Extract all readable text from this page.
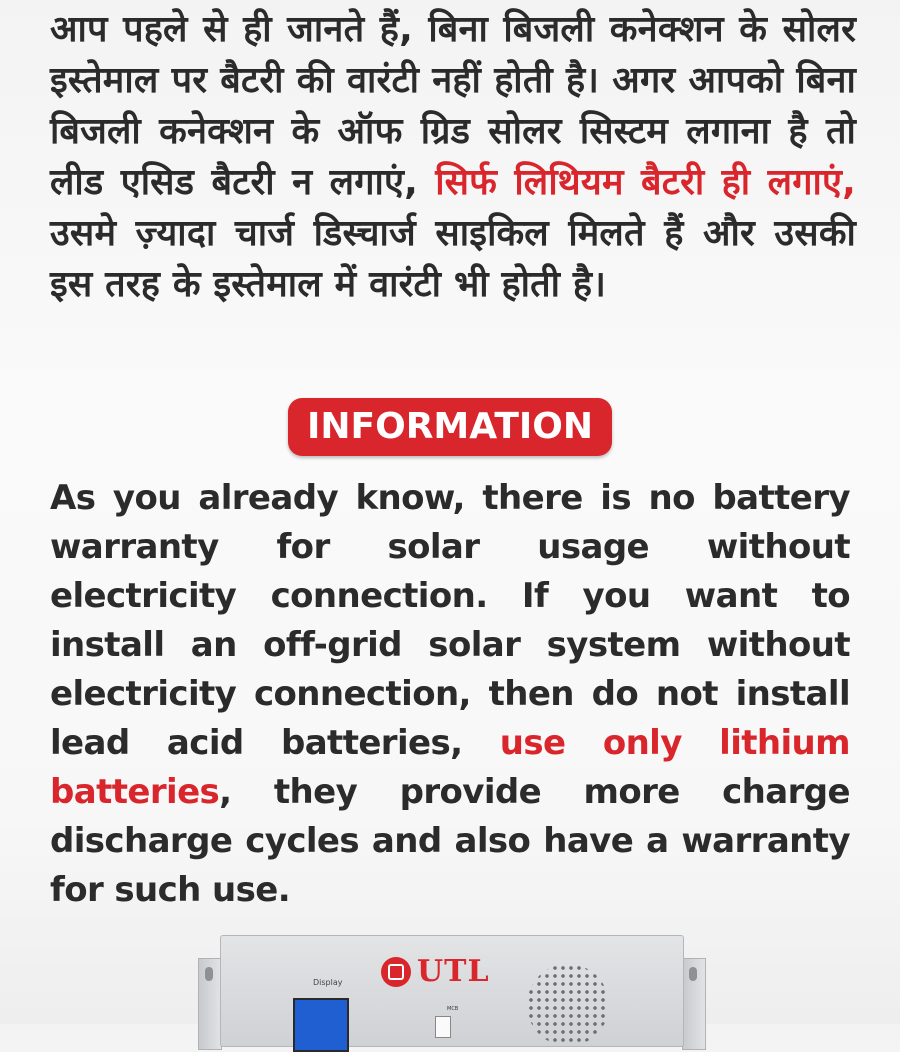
आप पहले से ही जानते हैं, बिना बिजली कनेक्शन के सोलर इस्तेमाल पर बैटरी की वारंटी नहीं होती है। अगर आपको बिना बिजली कनेक्शन के ऑफ ग्रिड सोलर सिस्टम लगाना है तो लीड एसिड बैटरी न लगाएं, सिर्फ लिथियम बैटरी ही लगाएं, उसमे ज़्यादा चार्ज डिस्चार्ज साइकिल मिलते हैं और उसकी इस तरह के इस्तेमाल में वारंटी भी होती है।
INFORMATION
As you already know, there is no battery warranty for solar usage without electricity connection. If you want to install an off-grid solar system without electricity connection, then do not install lead acid batteries, use only lithium batteries, they provide more charge discharge cycles and also have a warranty for such use.
Display UTL
MCB
